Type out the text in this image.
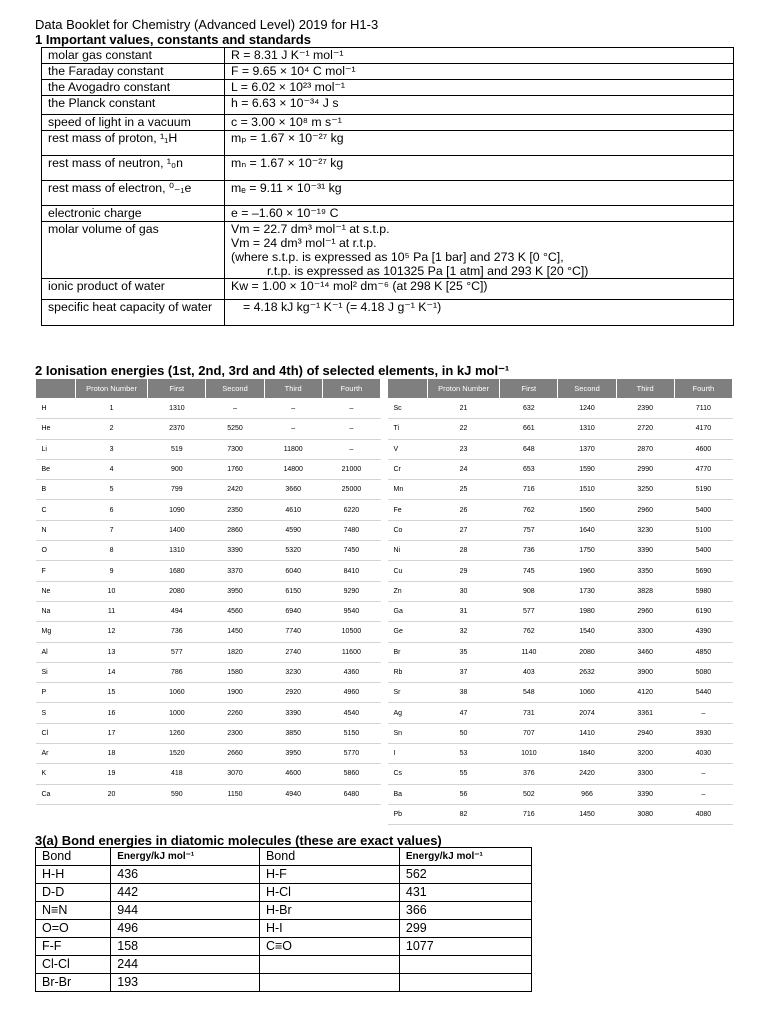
Data Booklet for Chemistry (Advanced Level) 2019 for H1-3
1 Important values, constants and standards
molar gas constant	R = 8.31 J K⁻¹ mol⁻¹
the Faraday constant	F = 9.65 × 10⁴ C mol⁻¹
the Avogadro constant	L = 6.02 × 10²³ mol⁻¹
the Planck constant	h = 6.63 × 10⁻³⁴ J s
speed of light in a vacuum	c = 3.00 × 10⁸ m s⁻¹
rest mass of proton, ¹₁H	mₚ = 1.67 × 10⁻²⁷ kg
rest mass of neutron, ¹₀n	mₙ = 1.67 × 10⁻²⁷ kg
rest mass of electron, ⁰₋₁e	mₑ = 9.11 × 10⁻³¹ kg
electronic charge	e = –1.60 × 10⁻¹⁹ C
molar volume of gas	Vm = 22.7 dm³ mol⁻¹ at s.t.p.
Vm = 24 dm³ mol⁻¹ at r.t.p.
(where s.t.p. is expressed as 10⁵ Pa [1 bar] and 273 K [0 °C],
r.t.p. is expressed as 101325 Pa [1 atm] and 293 K [20 °C])

ionic product of water	Kw = 1.00 × 10⁻¹⁴ mol² dm⁻⁶ (at 298 K [25 °C])
specific heat capacity of water	= 4.18 kJ kg⁻¹ K⁻¹ (= 4.18 J g⁻¹ K⁻¹)
2 Ionisation energies (1st, 2nd, 3rd and 4th) of selected elements, in kJ mol⁻¹
	Proton Number	First	Second	Third	Fourth
H	1	1310	–	–	–
He	2	2370	5250	–	–
Li	3	519	7300	11800	–
Be	4	900	1760	14800	21000
B	5	799	2420	3660	25000
C	6	1090	2350	4610	6220
N	7	1400	2860	4590	7480
O	8	1310	3390	5320	7450
F	9	1680	3370	6040	8410
Ne	10	2080	3950	6150	9290
Na	11	494	4560	6940	9540
Mg	12	736	1450	7740	10500
Al	13	577	1820	2740	11600
Si	14	786	1580	3230	4360
P	15	1060	1900	2920	4960
S	16	1000	2260	3390	4540
Cl	17	1260	2300	3850	5150
Ar	18	1520	2660	3950	5770
K	19	418	3070	4600	5860
Ca	20	590	1150	4940	6480
	Proton Number	First	Second	Third	Fourth
Sc	21	632	1240	2390	7110
Ti	22	661	1310	2720	4170
V	23	648	1370	2870	4600
Cr	24	653	1590	2990	4770
Mn	25	716	1510	3250	5190
Fe	26	762	1560	2960	5400
Co	27	757	1640	3230	5100
Ni	28	736	1750	3390	5400
Cu	29	745	1960	3350	5690
Zn	30	908	1730	3828	5980
Ga	31	577	1980	2960	6190
Ge	32	762	1540	3300	4390
Br	35	1140	2080	3460	4850
Rb	37	403	2632	3900	5080
Sr	38	548	1060	4120	5440
Ag	47	731	2074	3361	–
Sn	50	707	1410	2940	3930
I	53	1010	1840	3200	4030
Cs	55	376	2420	3300	–
Ba	56	502	966	3390	–
Pb	82	716	1450	3080	4080
3(a) Bond energies in diatomic molecules (these are exact values)
Bond	Energy/kJ mol⁻¹	Bond	Energy/kJ mol⁻¹
H-H	436	H-F	562
D-D	442	H-Cl	431
N≡N	944	H-Br	366
O=O	496	H-I	299
F-F	158	C≡O	1077
Cl-Cl	244		
Br-Br	193		
